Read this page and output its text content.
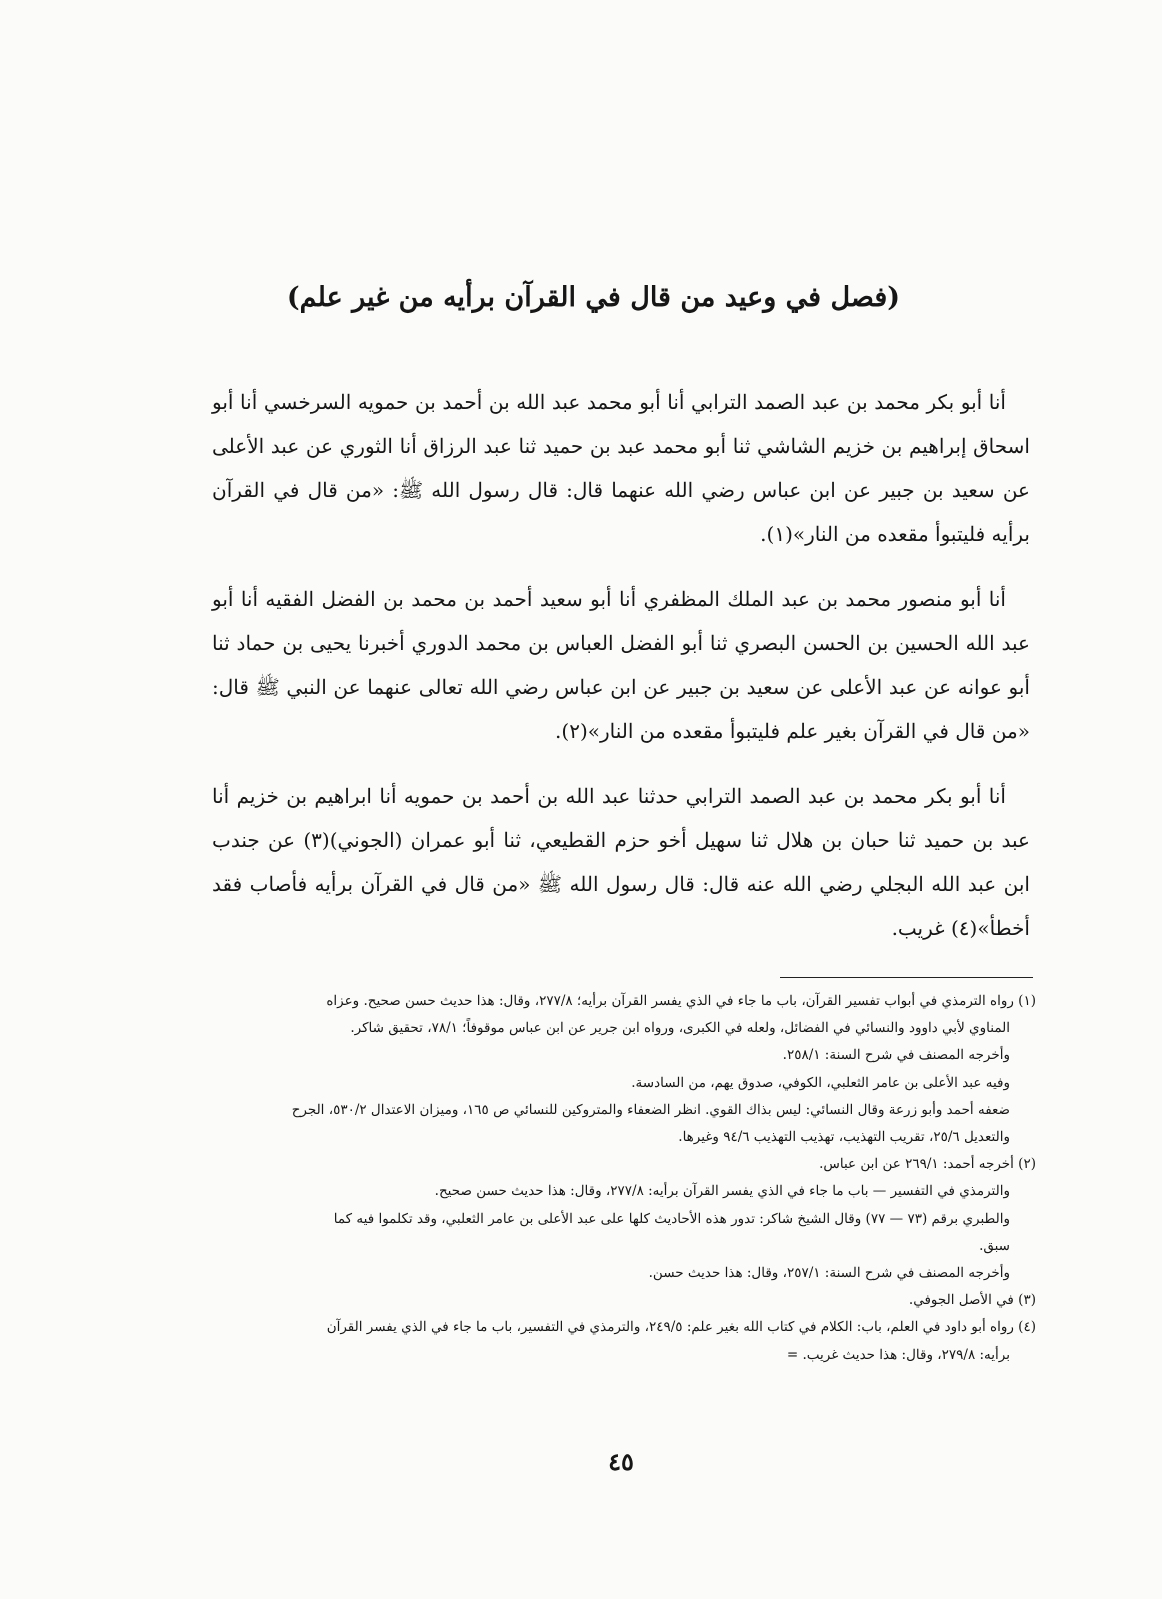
(فصل في وعيد من قال في القرآن برأيه من غير علم)

أنا أبو بكر محمد بن عبد الصمد الترابي أنا أبو محمد عبد الله بن أحمد بن حمويه السرخسي أنا أبو اسحاق إبراهيم بن خزيم الشاشي ثنا أبو محمد عبد بن حميد ثنا عبد الرزاق أنا الثوري عن عبد الأعلى عن سعيد بن جبير عن ابن عباس رضي الله عنهما قال: قال رسول الله ﷺ: «من قال في القرآن برأيه فليتبوأ مقعده من النار»(١).

أنا أبو منصور محمد بن عبد الملك المظفري أنا أبو سعيد أحمد بن محمد بن الفضل الفقيه أنا أبو عبد الله الحسين بن الحسن البصري ثنا أبو الفضل العباس بن محمد الدوري أخبرنا يحيى بن حماد ثنا أبو عوانه عن عبد الأعلى عن سعيد بن جبير عن ابن عباس رضي الله تعالى عنهما عن النبي ﷺ قال: «من قال في القرآن بغير علم فليتبوأ مقعده من النار»(٢).

أنا أبو بكر محمد بن عبد الصمد الترابي حدثنا عبد الله بن أحمد بن حمويه أنا ابراهيم بن خزيم أنا عبد بن حميد ثنا حبان بن هلال ثنا سهيل أخو حزم القطيعي، ثنا أبو عمران (الجوني)(٣) عن جندب ابن عبد الله البجلي رضي الله عنه قال: قال رسول الله ﷺ «من قال في القرآن برأيه فأصاب فقد أخطأ»(٤) غريب.

(١) رواه الترمذي في أبواب تفسير القرآن، باب ما جاء في الذي يفسر القرآن برأيه؛ ٢٧٧/٨، وقال: هذا حديث حسن صحيح. وعزاه
المناوي لأبي داوود والنسائي في الفضائل، ولعله في الكبرى، ورواه ابن جرير عن ابن عباس موقوفاً؛ ٧٨/١، تحقيق شاكر.
وأخرجه المصنف في شرح السنة: ٢٥٨/١.
وفيه عبد الأعلى بن عامر الثعلبي، الكوفي، صدوق يهم، من السادسة.
ضعفه أحمد وأبو زرعة وقال النسائي: ليس بذاك القوي. انظر الضعفاء والمتروكين للنسائي ص ١٦٥، وميزان الاعتدال ٥٣٠/٢، الجرح
والتعديل ٢٥/٦، تقريب التهذيب، تهذيب التهذيب ٩٤/٦ وغيرها.
(٢) أخرجه أحمد: ٢٦٩/١ عن ابن عباس.
والترمذي في التفسير — باب ما جاء في الذي يفسر القرآن برأيه: ٢٧٧/٨، وقال: هذا حديث حسن صحيح.
والطبري برقم (٧٣ — ٧٧) وقال الشيخ شاكر: تدور هذه الأحاديث كلها على عبد الأعلى بن عامر الثعلبي، وقد تكلموا فيه كما
سبق.
وأخرجه المصنف في شرح السنة: ٢٥٧/١، وقال: هذا حديث حسن.
(٣) في الأصل الجوفي.
(٤) رواه أبو داود في العلم، باب: الكلام في كتاب الله بغير علم: ٢٤٩/٥، والترمذي في التفسير، باب ما جاء في الذي يفسر القرآن
برأيه: ٢٧٩/٨، وقال: هذا حديث غريب. =
٤٥
